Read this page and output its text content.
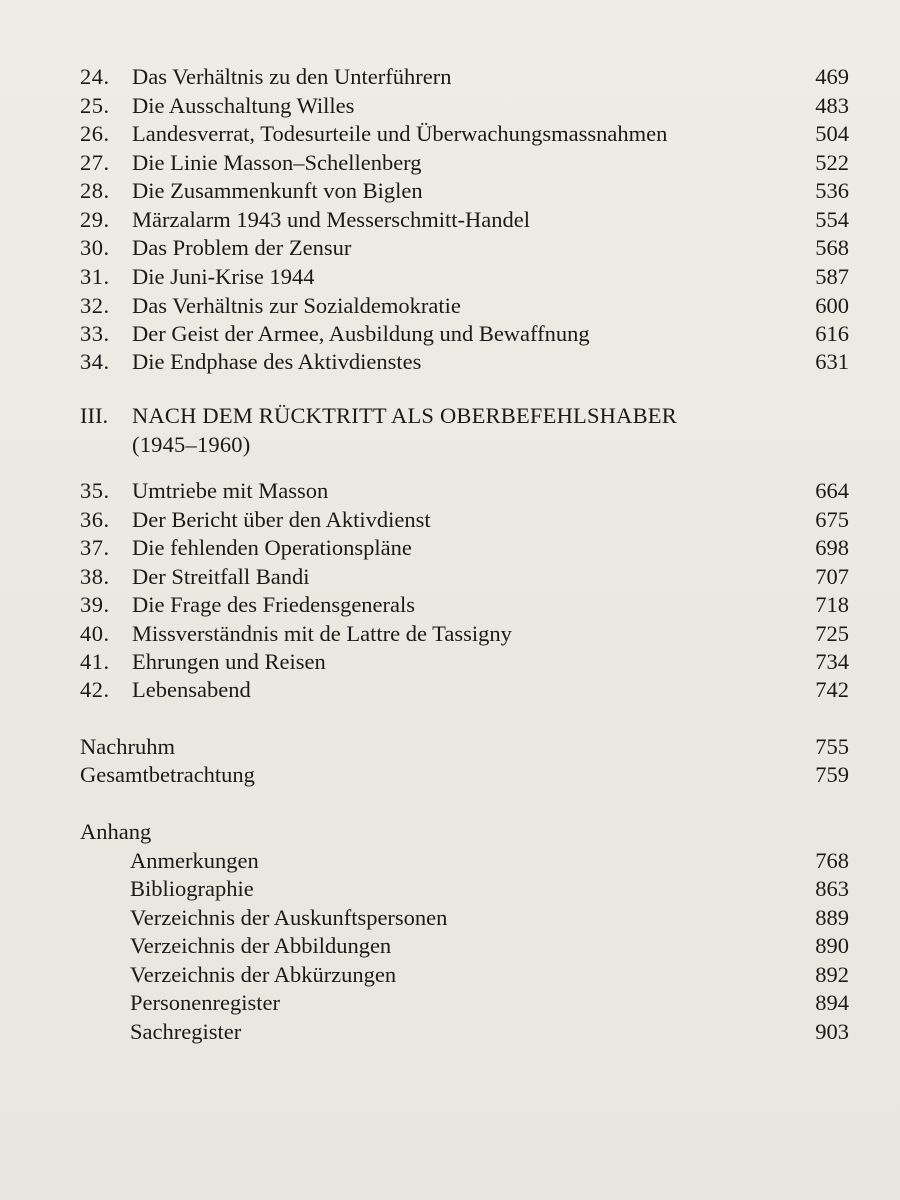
24. Das Verhältnis zu den Unterführern	469
25. Die Ausschaltung Willes	483
26. Landesverrat, Todesurteile und Überwachungsmassnahmen	504
27. Die Linie Masson–Schellenberg	522
28. Die Zusammenkunft von Biglen	536
29. Märzalarm 1943 und Messerschmitt-Handel	554
30. Das Problem der Zensur	568
31. Die Juni-Krise 1944	587
32. Das Verhältnis zur Sozialdemokratie	600
33. Der Geist der Armee, Ausbildung und Bewaffnung	616
34. Die Endphase des Aktivdienstes	631
III. NACH DEM RÜCKTRITT ALS OBERBEFEHLSHABER
(1945–1960)
35. Umtriebe mit Masson	664
36. Der Bericht über den Aktivdienst	675
37. Die fehlenden Operationspläne	698
38. Der Streitfall Bandi	707
39. Die Frage des Friedensgenerals	718
40. Missverständnis mit de Lattre de Tassigny	725
41. Ehrungen und Reisen	734
42. Lebensabend	742
Nachruhm	755
Gesamtbetrachtung	759
Anhang
Anmerkungen	768
Bibliographie	863
Verzeichnis der Auskunftspersonen	889
Verzeichnis der Abbildungen	890
Verzeichnis der Abkürzungen	892
Personenregister	894
Sachregister	903
